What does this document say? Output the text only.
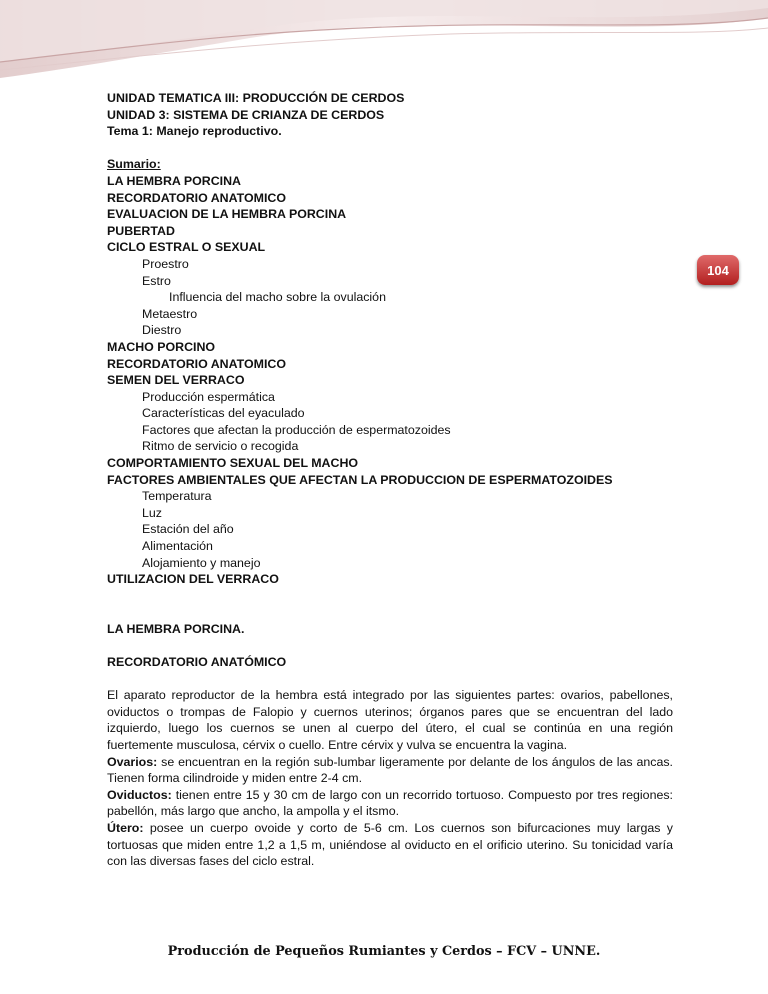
104
UNIDAD TEMATICA III: PRODUCCIÓN DE CERDOS
UNIDAD 3: SISTEMA DE CRIANZA DE CERDOS
Tema 1: Manejo reproductivo.
Sumario:
LA HEMBRA PORCINA
RECORDATORIO ANATOMICO
EVALUACION DE LA HEMBRA PORCINA
PUBERTAD
CICLO ESTRAL O SEXUAL
Proestro
Estro
Influencia del macho sobre la ovulación
Metaestro
Diestro
MACHO PORCINO
RECORDATORIO ANATOMICO
SEMEN DEL VERRACO
Producción espermática
Características del eyaculado
Factores que afectan la producción de espermatozoides
Ritmo de servicio o recogida
COMPORTAMIENTO SEXUAL DEL MACHO
FACTORES AMBIENTALES QUE AFECTAN LA PRODUCCION DE ESPERMATOZOIDES
Temperatura
Luz
Estación del año
Alimentación
Alojamiento y manejo
UTILIZACION DEL VERRACO
LA HEMBRA PORCINA.
RECORDATORIO ANATÓMICO

El aparato reproductor de la hembra está integrado por las siguientes partes: ovarios, pabellones, oviductos o trompas de Falopio y cuernos uterinos; órganos pares que se encuentran del lado izquierdo, luego los cuernos se unen al cuerpo del útero, el cual se continúa en una región fuertemente musculosa, cérvix o cuello. Entre cérvix y vulva se encuentra la vagina.

Ovarios: se encuentran en la región sub-lumbar ligeramente por delante de los ángulos de las ancas. Tienen forma cilindroide y miden entre 2-4 cm.

Oviductos: tienen entre 15 y 30 cm de largo con un recorrido tortuoso. Compuesto por tres regiones: pabellón, más largo que ancho, la ampolla y el itsmo.

Útero: posee un cuerpo ovoide y corto de 5-6 cm. Los cuernos son bifurcaciones muy largas y tortuosas que miden entre 1,2 a 1,5 m, uniéndose al oviducto en el orificio uterino. Su tonicidad varía con las diversas fases del ciclo estral.

Producción de Pequeños Rumiantes y Cerdos – FCV – UNNE.
